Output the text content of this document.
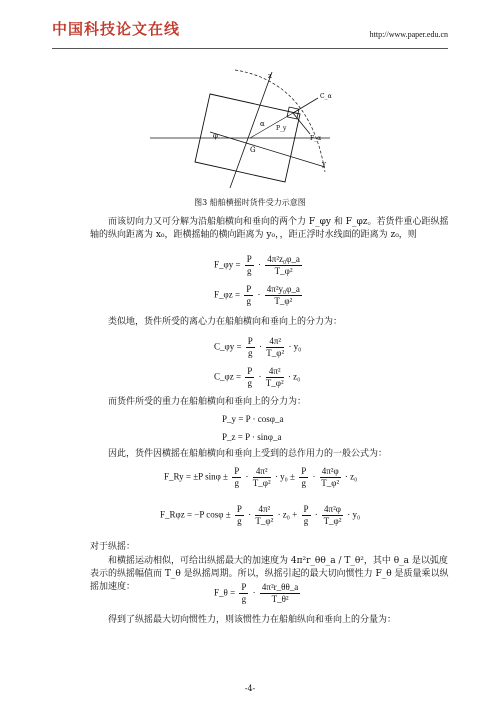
中国科技论文在线	http://www.paper.edu.cn
z
y
G
α
φ
P_y
C_α
F_α
图3 船舶横摇时货件受力示意图
而该切向力又可分解为沿船舶横向和垂向的两个力 F_φy 和 F_φz。若货件重心距纵摇轴的纵向距离为 x₀，距横摇轴的横向距离为 y₀，，距正浮时水线面的距离为 z₀，则
F_φy = $\frac{P}{g} \cdot \frac{\text{4π²z₀φ\_a}}{\text{T\_φ²}}$
F_φz = $\frac{P}{g} \cdot \frac{\text{4π²y₀φ\_a}}{\text{T\_φ²}}$
类似地，货件所受的离心力在船舶横向和垂向上的分力为：
C_φy = $\frac{P}{g} \cdot \frac{\text{4π²}}{\text{T\_φ²}} \cdot y_0$
C_φz = $\frac{P}{g} \cdot \frac{\text{4π²}}{\text{T\_φ²}} \cdot z_0$
而货件所受的重力在船舶横向和垂向上的分力为：
P_y = P · cosφ_a
P_z = P · sinφ_a
因此，货件因横摇在船舶横向和垂向上受到的总作用力的一般公式为：
F_Ry = ±P $\sin\varphi \pm \frac{P}{g} \cdot \frac{\text{4π²}}{\text{T\_φ²}} \cdot y_0 \pm \frac{P}{g} \cdot \frac{\text{4π²φ}}{\text{T\_φ²}} \cdot z_0$
F_Rφz = −P $\cos\varphi \pm \frac{P}{g} \cdot \frac{\text{4π²}}{\text{T\_φ²}} \cdot z_0 + \frac{P}{g} \cdot \frac{\text{4π²φ}}{\text{T\_φ²}} \cdot y_0$
对于纵摇：
和横摇运动相似，可给出纵摇最大的加速度为 4π²r_θθ_a / T_θ²，其中 θ_a 是以弧度表示的纵摇幅值而 T_θ 是纵摇周期。所以，纵摇引起的最大切向惯性力 F_θ 是质量乘以纵摇加速度：
F_θ = $\frac{P}{g} \cdot \frac{\text{4π²r\_θθ\_a}}{\text{T\_θ²}}$
得到了纵摇最大切向惯性力，则该惯性力在船舶纵向和垂向上的分量为：
-4-
